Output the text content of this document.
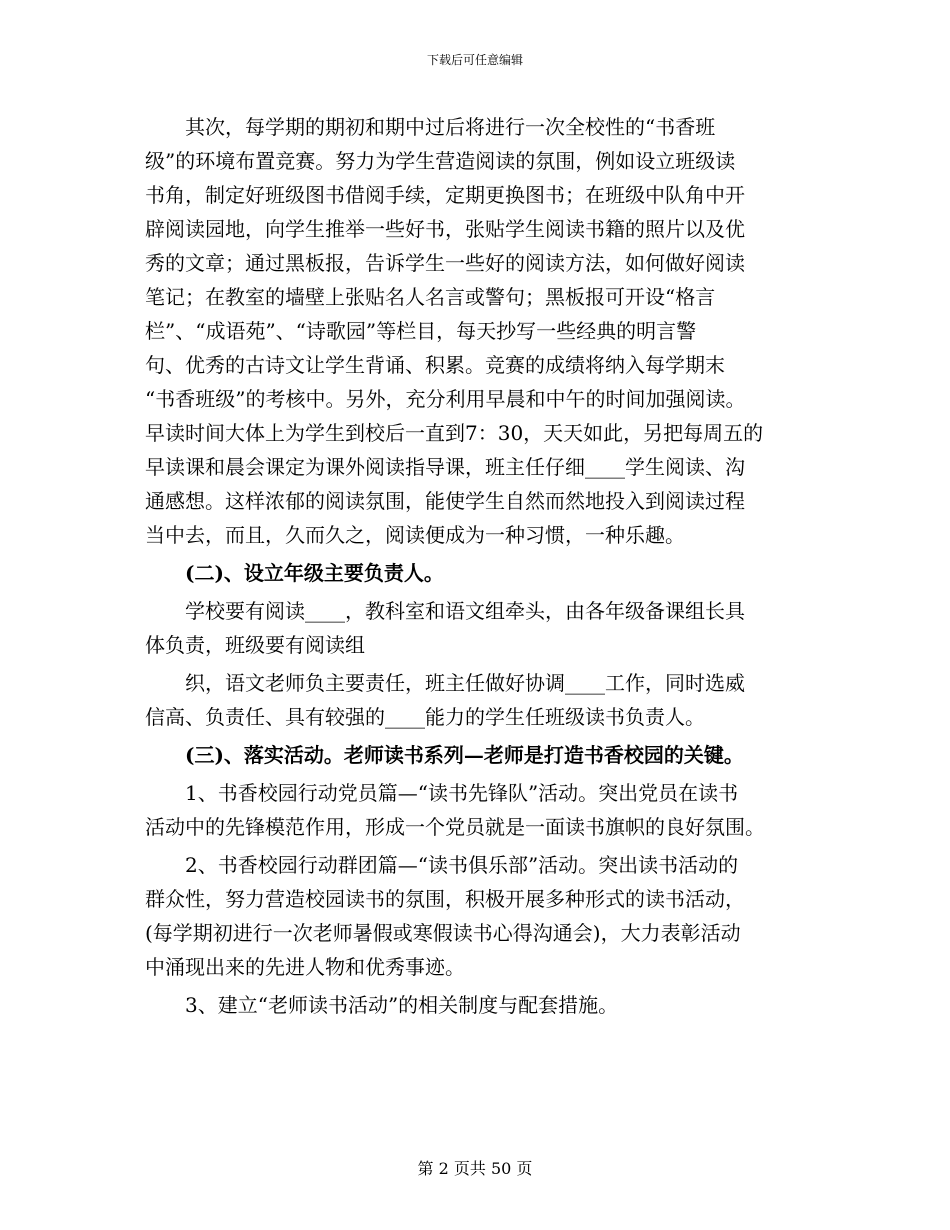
下载后可任意编辑
　　其次，每学期的期初和期中过后将进行一次全校性的“书香班
级”的环境布置竞赛。努力为学生营造阅读的氛围，例如设立班级读
书角，制定好班级图书借阅手续，定期更换图书；在班级中队角中开
辟阅读园地，向学生推举一些好书，张贴学生阅读书籍的照片以及优
秀的文章；通过黑板报，告诉学生一些好的阅读方法，如何做好阅读
笔记；在教室的墙壁上张贴名人名言或警句；黑板报可开设“格言
栏”、“成语苑”、“诗歌园”等栏目，每天抄写一些经典的明言警
句、优秀的古诗文让学生背诵、积累。竞赛的成绩将纳入每学期末
“书香班级”的考核中。另外，充分利用早晨和中午的时间加强阅读。
早读时间大体上为学生到校后一直到7：30，天天如此，另把每周五的
早读课和晨会课定为课外阅读指导课，班主任仔细____学生阅读、沟
通感想。这样浓郁的阅读氛围，能使学生自然而然地投入到阅读过程
当中去，而且，久而久之，阅读便成为一种习惯，一种乐趣。
　　(二)、设立年级主要负责人。
　　学校要有阅读____，教科室和语文组牵头，由各年级备课组长具
体负责，班级要有阅读组
　　织，语文老师负主要责任，班主任做好协调____工作，同时选威
信高、负责任、具有较强的____能力的学生任班级读书负责人。
　　(三)、落实活动。老师读书系列—老师是打造书香校园的关键。
　　1、书香校园行动党员篇—“读书先锋队”活动。突出党员在读书
活动中的先锋模范作用，形成一个党员就是一面读书旗帜的良好氛围。
　　2、书香校园行动群团篇—“读书俱乐部”活动。突出读书活动的
群众性，努力营造校园读书的氛围，积极开展多种形式的读书活动，
(每学期初进行一次老师暑假或寒假读书心得沟通会)，大力表彰活动
中涌现出来的先进人物和优秀事迹。
　　3、建立“老师读书活动”的相关制度与配套措施。
第 2 页共 50 页
